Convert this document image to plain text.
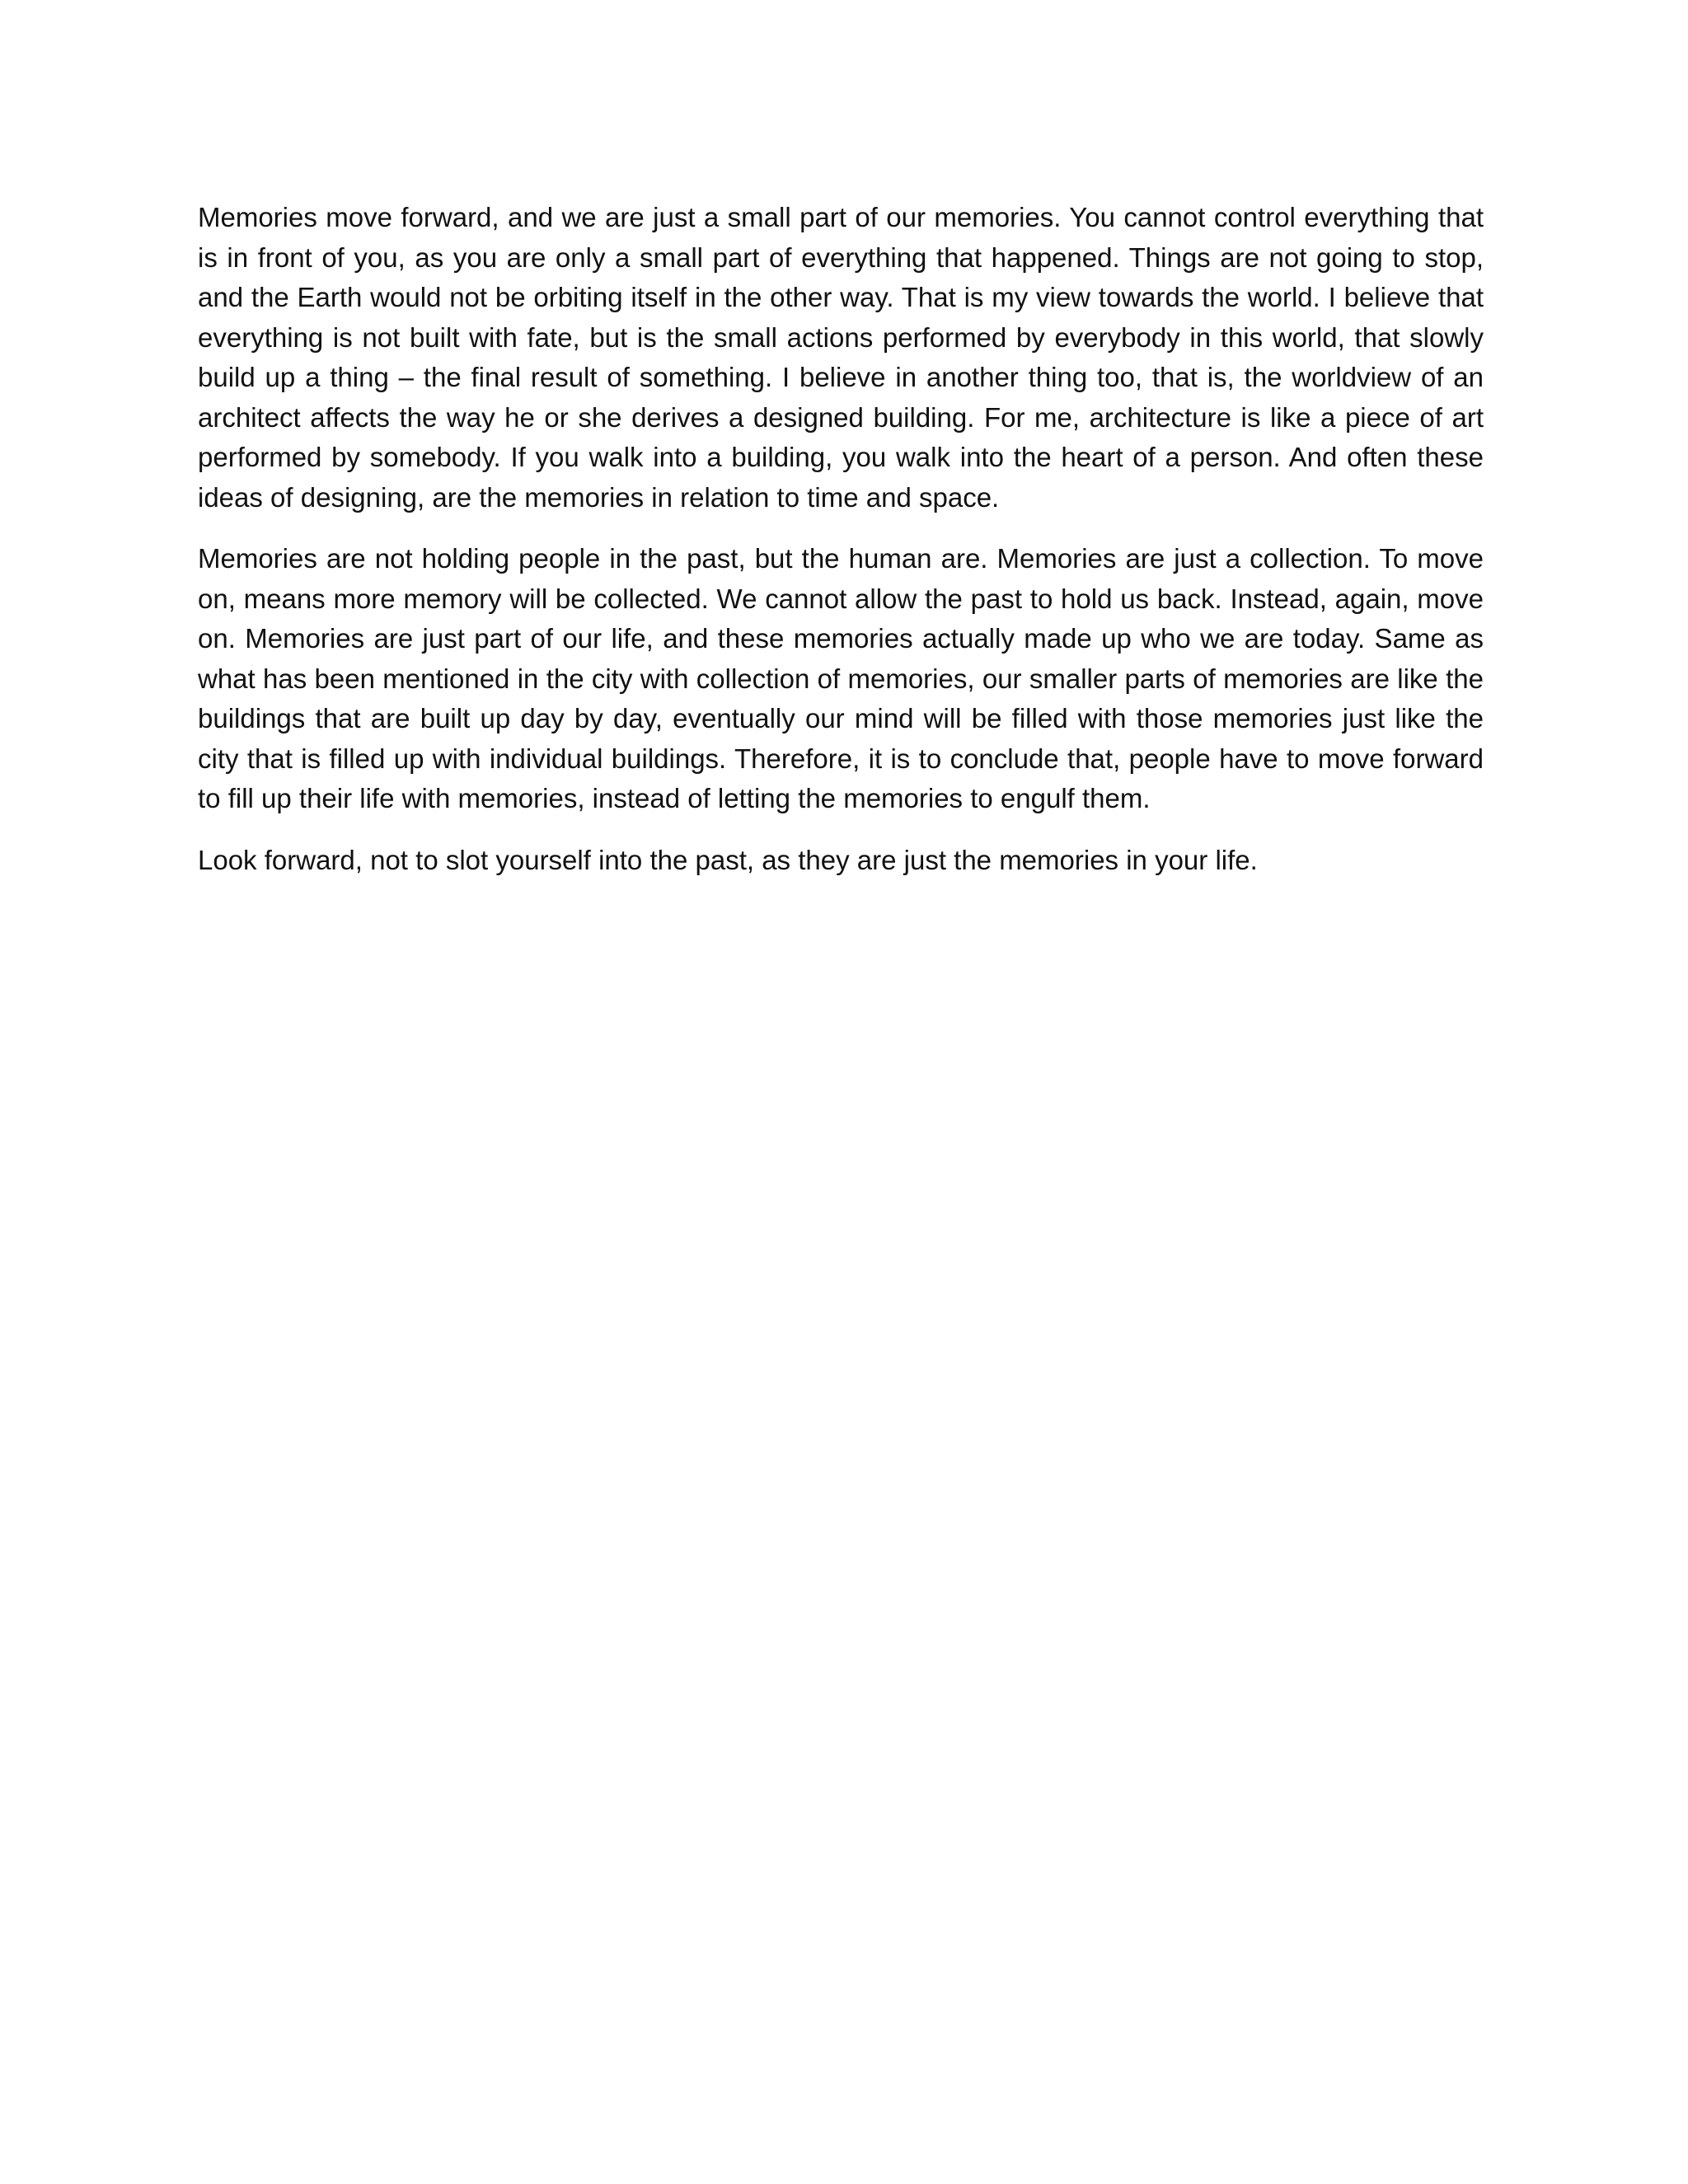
Memories move forward, and we are just a small part of our memories. You cannot control everything that is in front of you, as you are only a small part of everything that happened. Things are not going to stop, and the Earth would not be orbiting itself in the other way. That is my view towards the world. I believe that everything is not built with fate, but is the small actions performed by everybody in this world, that slowly build up a thing – the final result of something. I believe in another thing too, that is, the worldview of an architect affects the way he or she derives a designed building. For me, architecture is like a piece of art performed by somebody. If you walk into a building, you walk into the heart of a person. And often these ideas of designing, are the memories in relation to time and space.

Memories are not holding people in the past, but the human are. Memories are just a collection. To move on, means more memory will be collected. We cannot allow the past to hold us back. Instead, again, move on. Memories are just part of our life, and these memories actually made up who we are today. Same as what has been mentioned in the city with collection of memories, our smaller parts of memories are like the buildings that are built up day by day, eventually our mind will be filled with those memories just like the city that is filled up with individual buildings. Therefore, it is to conclude that, people have to move forward to fill up their life with memories, instead of letting the memories to engulf them.

Look forward, not to slot yourself into the past, as they are just the memories in your life.
